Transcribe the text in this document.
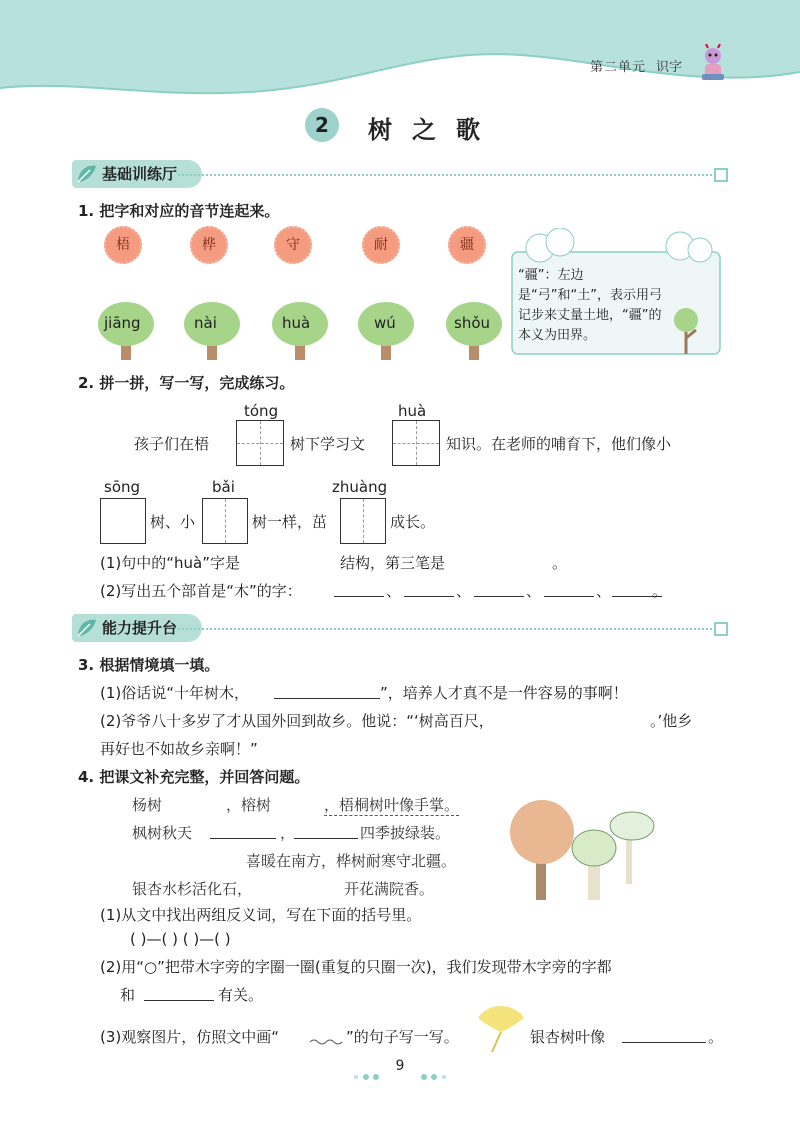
第二单元 识字
2	树之歌
基础训练厅
1. 把字和对应的音节连起来。
梧	桦	守	耐	疆
jiāng	nài	huà	wú	shǒu
“疆”：左边是“弓”和“土”，表示用弓记步来丈量土地，“疆”的本义为田界。
2. 拼一拼，写一写，完成练习。
tóng	huà
孩子们在梧	树下学习文	知识。在老师的哺育下，他们像小
sōng	bǎi	zhuàng
树、小	树一样，茁	成长。
(1)句中的“huà”字是	结构，第三笔是	。
(2)写出五个部首是“木”的字：	、	、	、	、	。
能力提升台
3. 根据情境填一填。
(1)俗话说“十年树木，	”，培养人才真不是一件容易的事啊！
(2)爷爷八十多岁了才从国外回到故乡。他说：“‘树高百尺，	。’他乡
再好也不如故乡亲啊！”
4. 把课文补充完整，并回答问题。
杨树	，榕树	，梧桐树叶像手掌。
枫树秋天	，	四季披绿装。
喜暖在南方，桦树耐寒守北疆。
银杏水杉活化石，	开花满院香。
(1)从文中找出两组反义词，写在下面的括号里。
( )—( ) ( )—( )
(2)用“○”把带木字旁的字圈一圈(重复的只圈一次)，我们发现带木字旁的字都
和	有关。
(3)观察图片，仿照文中画“	”的句子写一写。	银杏树叶像	。
9
